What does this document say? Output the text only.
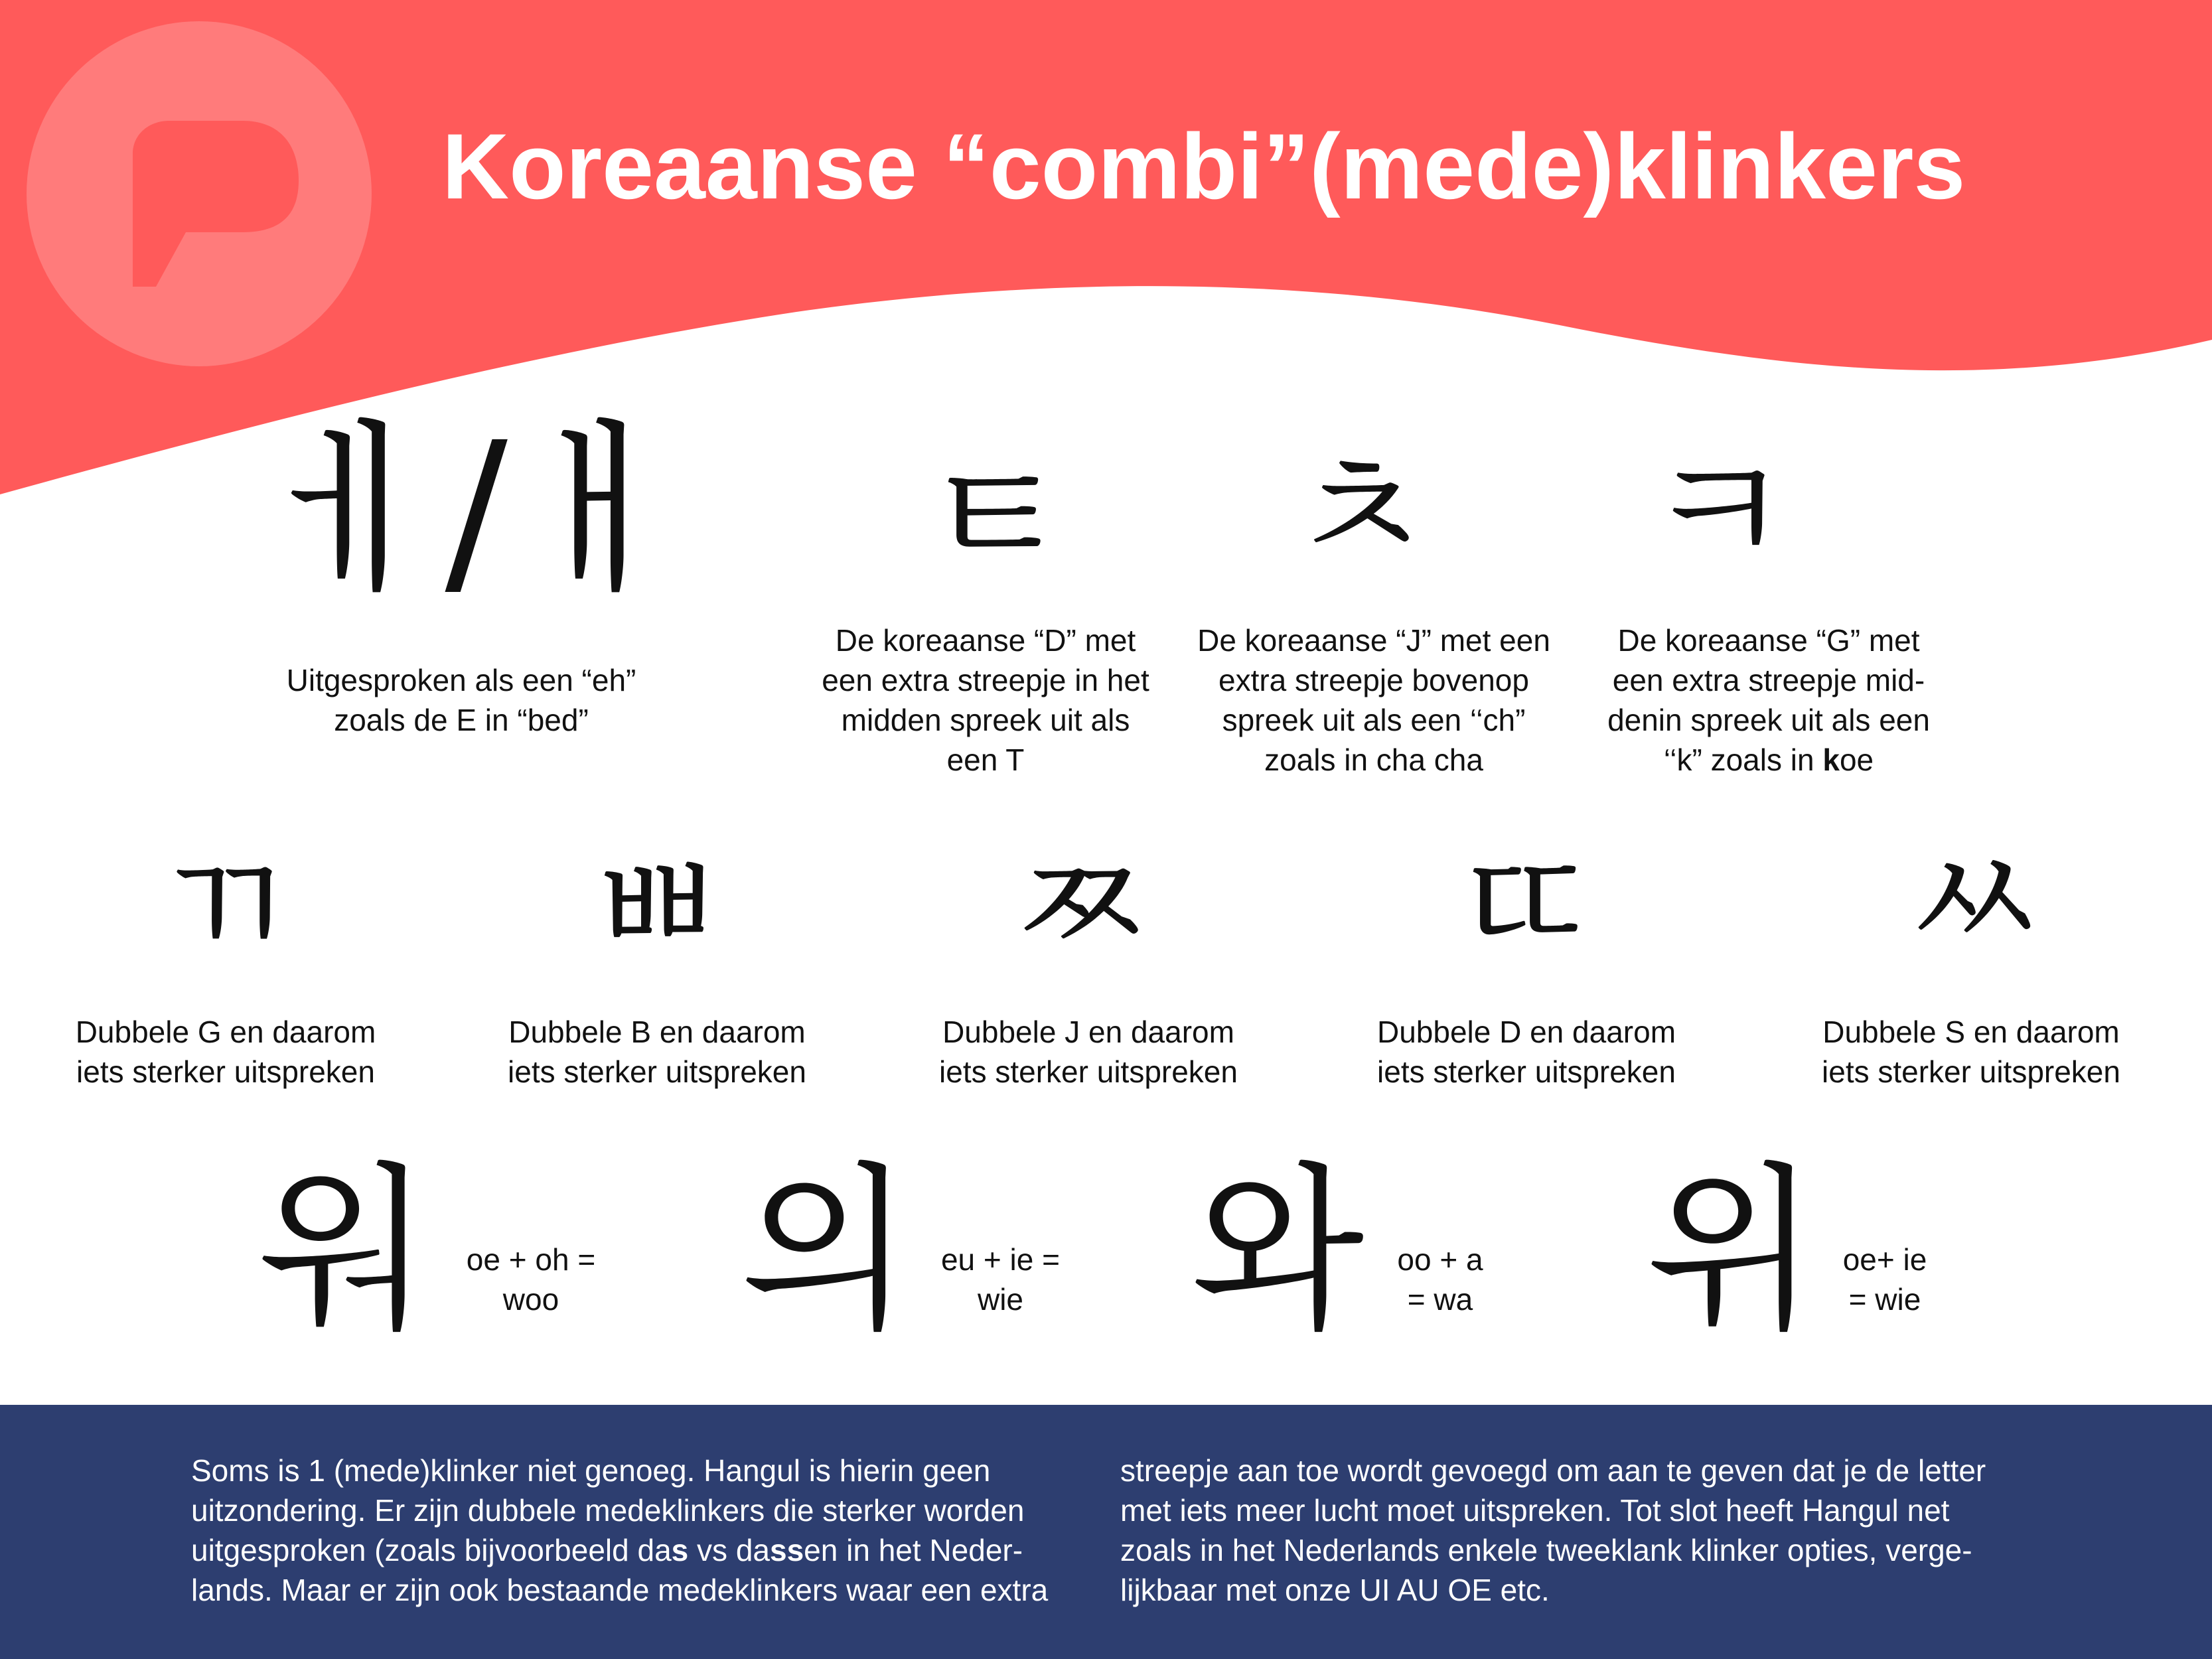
Koreaanse “combi”(mede)klinkers
ㅔ/ㅐ
Uitgesproken als een “eh”
zoals de E in “bed”
ㅌ
De koreaanse “D” met
een extra streepje in het
midden spreek uit als
een T
ㅊ
De koreaanse “J” met een
extra streepje bovenop
spreek uit als een ‘‘ch”
zoals in cha cha
ㅋ
De koreaanse “G” met
een extra streepje mid-
denin spreek uit als een
‘‘k” zoals in koe
ㄲ
Dubbele G en daarom
iets sterker uitspreken
ㅃ
Dubbele B en daarom
iets sterker uitspreken
ㅉ
Dubbele J en daarom
iets sterker uitspreken
ㄸ
Dubbele D en daarom
iets sterker uitspreken
ㅆ
Dubbele S en daarom
iets sterker uitspreken
워	oe + oh =
woo 의 eu + ie =
wie 와	oo + a
= wa 위 oe+ ie
= wie
Soms is 1 (mede)klinker niet genoeg. Hangul is hierin geen
uitzondering. Er zijn dubbele medeklinkers die sterker worden
uitgesproken (zoals bijvoorbeeld das vs dassen in het Neder-
lands. Maar er zijn ook bestaande medeklinkers waar een extra
streepje aan toe wordt gevoegd om aan te geven dat je de letter
met iets meer lucht moet uitspreken. Tot slot heeft Hangul net
zoals in het Nederlands enkele tweeklank klinker opties, verge-
lijkbaar met onze UI AU OE etc.
